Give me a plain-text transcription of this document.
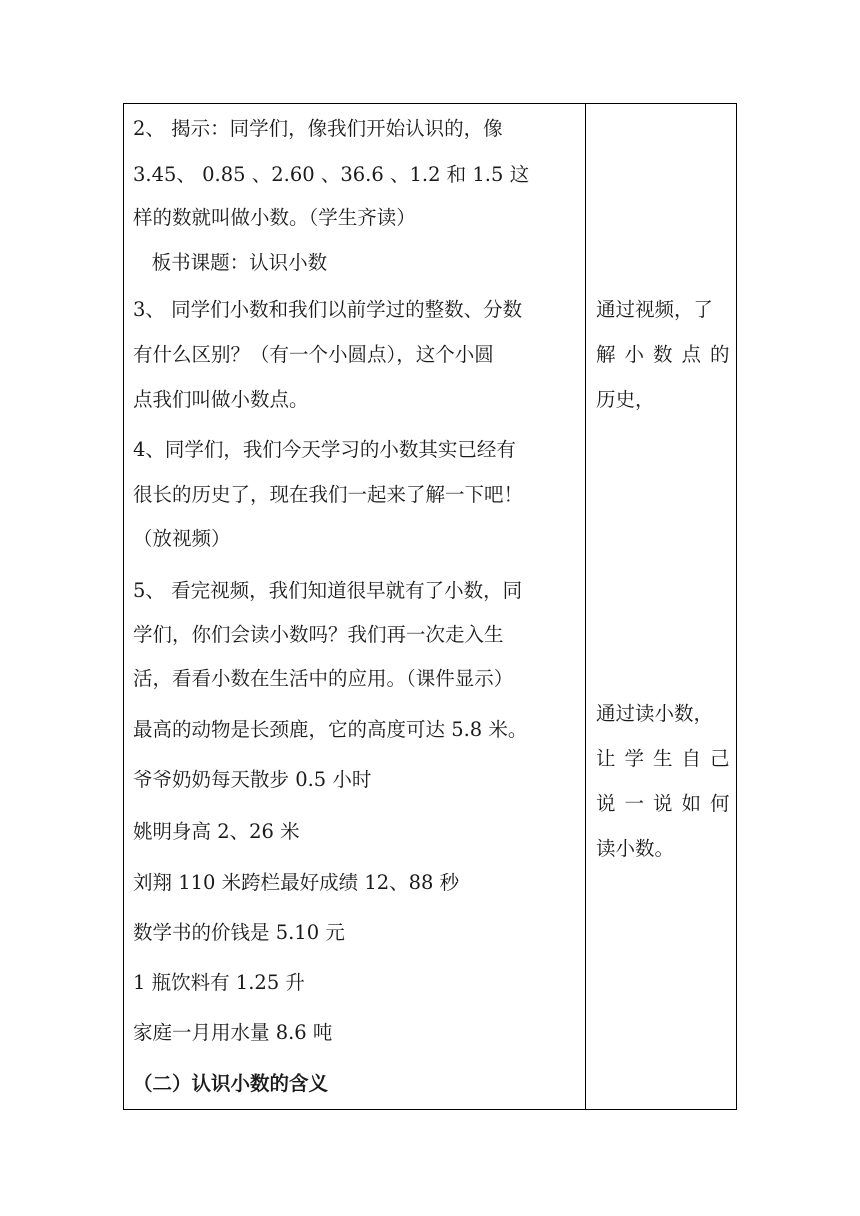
2、 揭示：同学们，像我们开始认识的，像
3.45、 0.85 、2.60 、36.6 、1.2 和 1.5 这
样的数就叫做小数。（学生齐读）
板书课题：认识小数
3、 同学们小数和我们以前学过的整数、分数
有什么区别？（有一个小圆点），这个小圆
点我们叫做小数点。
4、同学们，我们今天学习的小数其实已经有
很长的历史了，现在我们一起来了解一下吧！
（放视频）
5、 看完视频，我们知道很早就有了小数，同
学们，你们会读小数吗？我们再一次走入生
活，看看小数在生活中的应用。（课件显示）
最高的动物是长颈鹿，它的高度可达 5.8 米。
爷爷奶奶每天散步 0.5 小时
姚明身高 2、26 米
刘翔 110 米跨栏最好成绩 12、88 秒
数学书的价钱是 5.10 元
1 瓶饮料有 1.25 升
家庭一月用水量 8.6 吨
（二）认识小数的含义
通过视频，了
解小数点的
历史，
通过读小数，
让学生自己
说一说如何
读小数。
